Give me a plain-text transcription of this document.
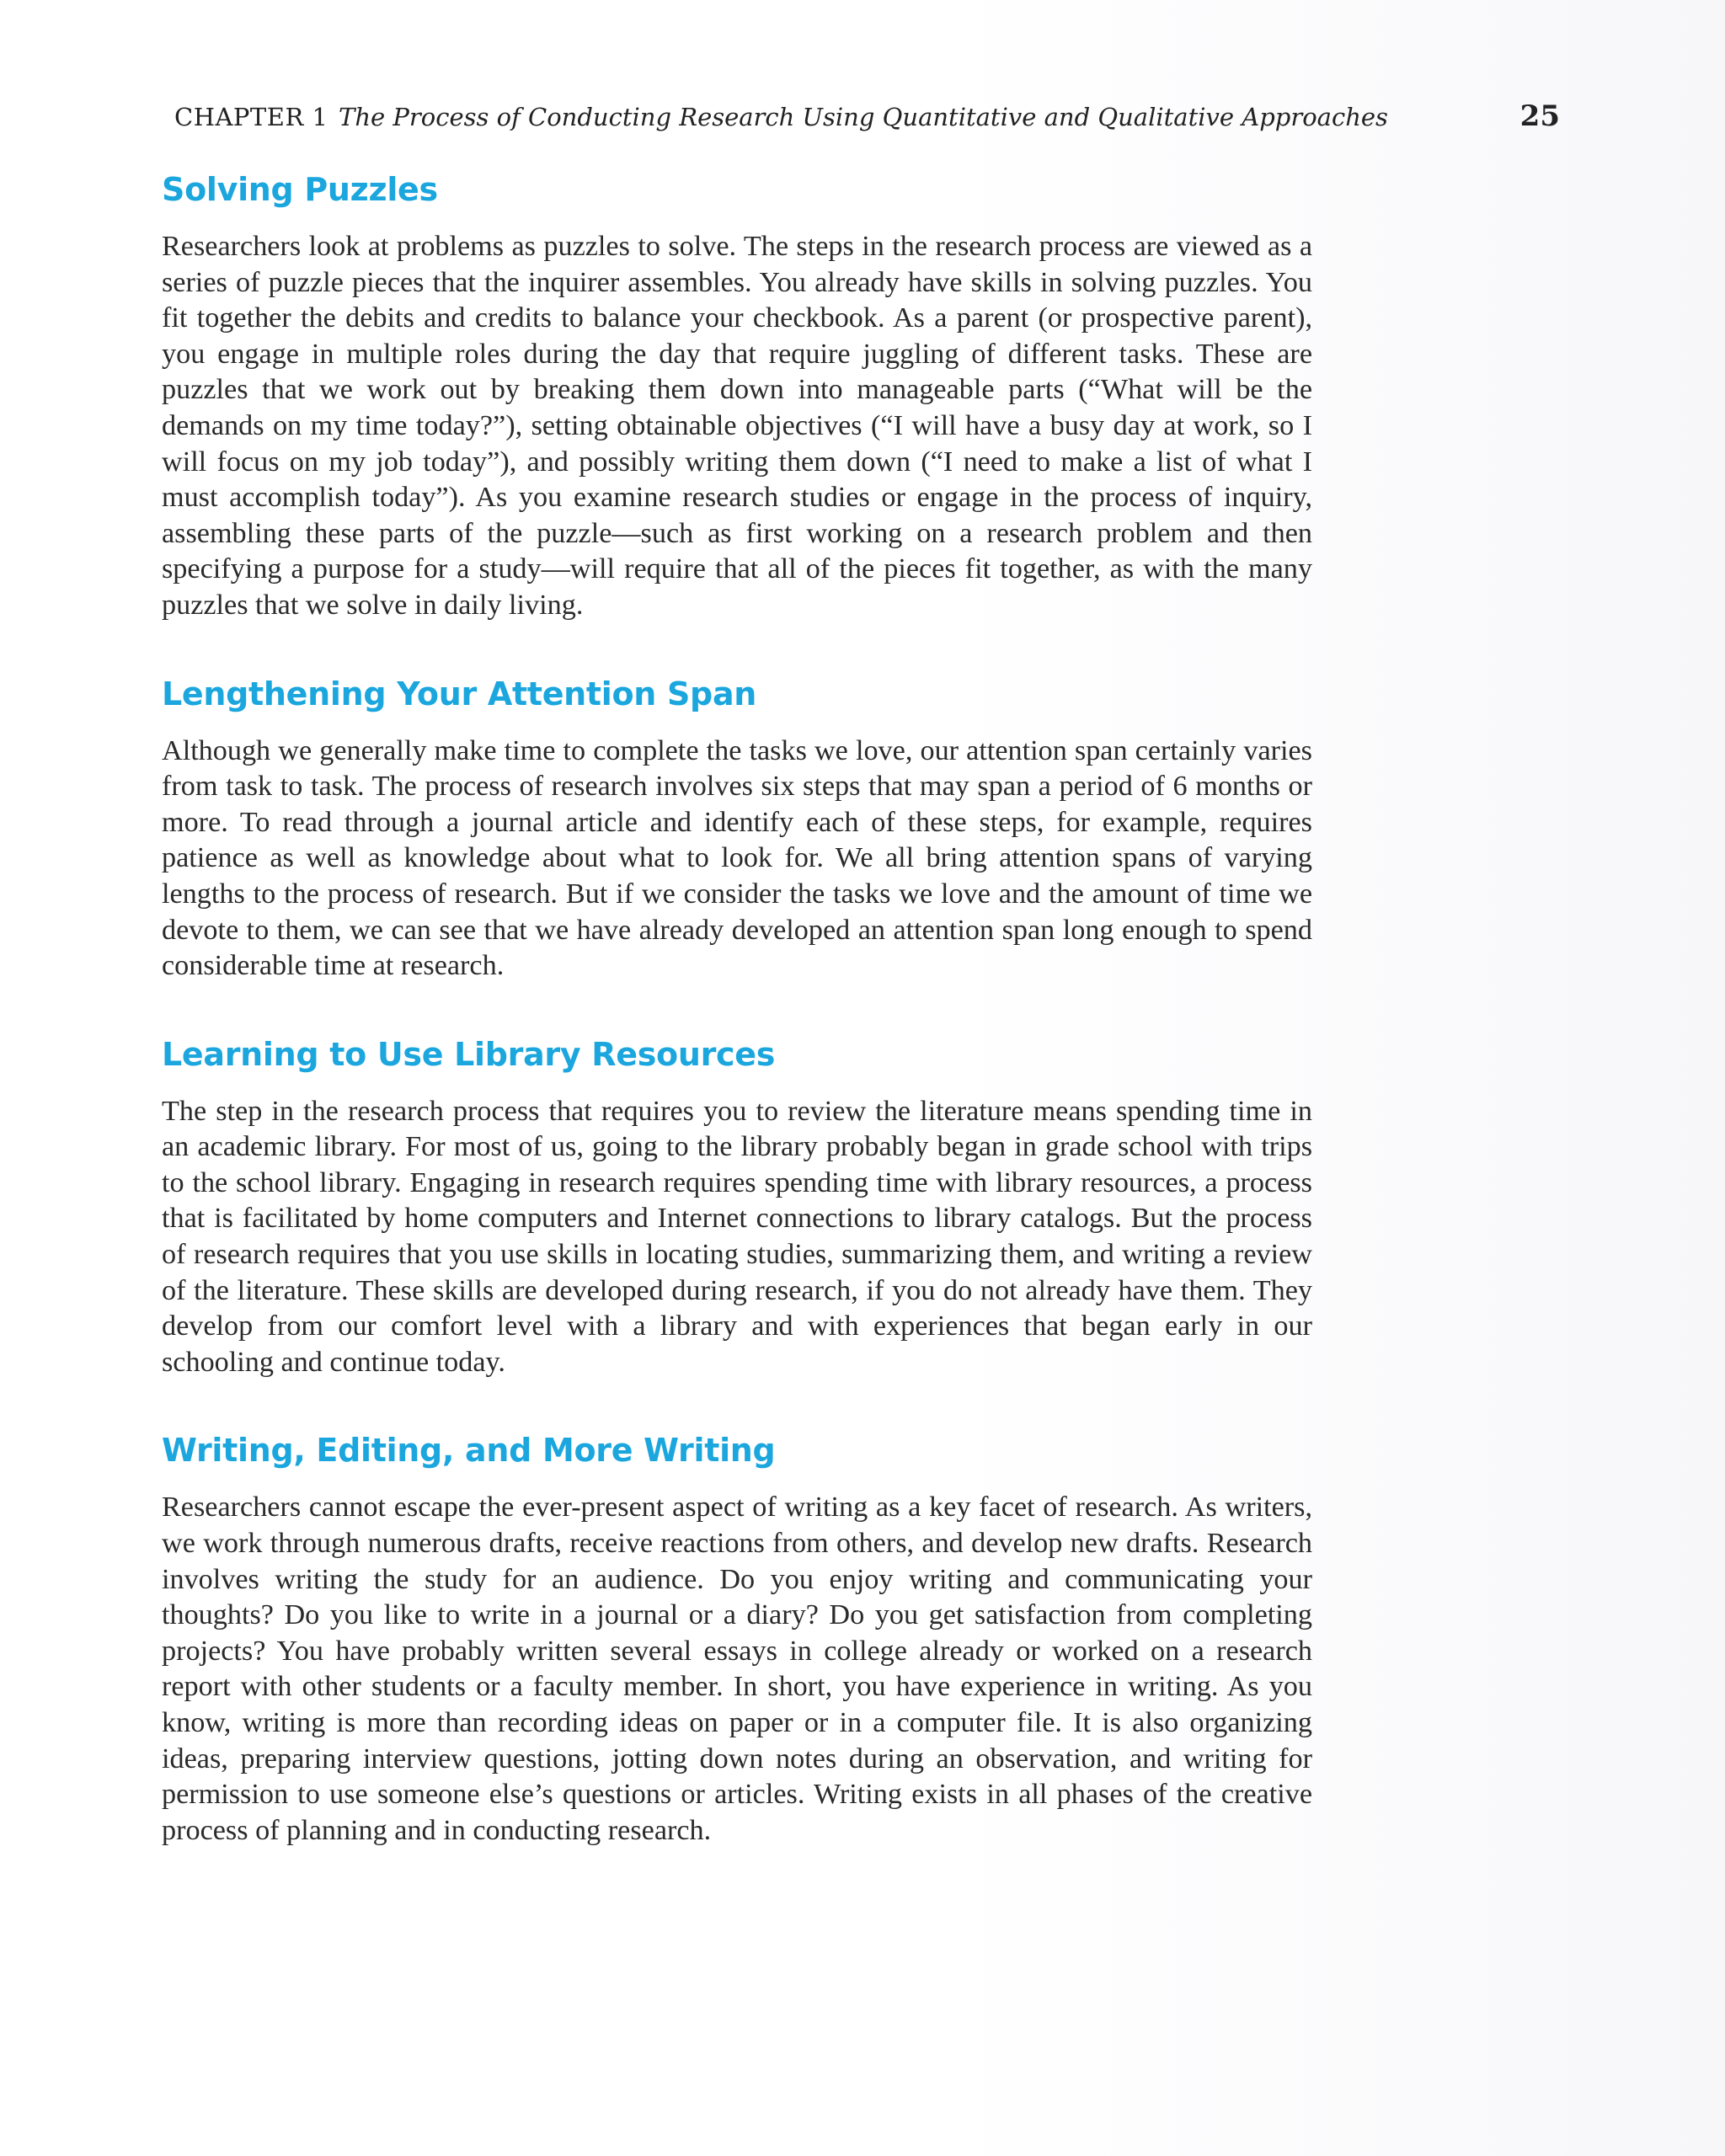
CHAPTER 1 The Process of Conducting Research Using Quantitative and Qualitative Approaches	25
Solving Puzzles

Researchers look at problems as puzzles to solve. The steps in the research process are viewed as a series of puzzle pieces that the inquirer assembles. You already have skills in solving puzzles. You fit together the debits and credits to balance your checkbook. As a parent (or prospective parent), you engage in multiple roles during the day that require juggling of different tasks. These are puzzles that we work out by breaking them down into manageable parts (“What will be the demands on my time today?”), setting obtainable objectives (“I will have a busy day at work, so I will focus on my job today”), and possibly writing them down (“I need to make a list of what I must accomplish today”). As you examine research studies or engage in the process of inquiry, assembling these parts of the puzzle—such as first working on a research problem and then specifying a purpose for a study—will require that all of the pieces fit together, as with the many puzzles that we solve in daily living.

Lengthening Your Attention Span

Although we generally make time to complete the tasks we love, our attention span certainly varies from task to task. The process of research involves six steps that may span a period of 6 months or more. To read through a journal article and identify each of these steps, for example, requires patience as well as knowledge about what to look for. We all bring attention spans of varying lengths to the process of research. But if we consider the tasks we love and the amount of time we devote to them, we can see that we have already developed an attention span long enough to spend considerable time at research.

Learning to Use Library Resources

The step in the research process that requires you to review the literature means spending time in an academic library. For most of us, going to the library probably began in grade school with trips to the school library. Engaging in research requires spending time with library resources, a process that is facilitated by home computers and Internet connections to library catalogs. But the process of research requires that you use skills in locating studies, summarizing them, and writing a review of the literature. These skills are developed during research, if you do not already have them. They develop from our comfort level with a library and with experiences that began early in our schooling and continue today.

Writing, Editing, and More Writing

Researchers cannot escape the ever-present aspect of writing as a key facet of research. As writers, we work through numerous drafts, receive reactions from others, and develop new drafts. Research involves writing the study for an audience. Do you enjoy writing and communicating your thoughts? Do you like to write in a journal or a diary? Do you get satisfaction from completing projects? You have probably written several essays in college already or worked on a research report with other students or a faculty member. In short, you have experience in writing. As you know, writing is more than recording ideas on paper or in a computer file. It is also organizing ideas, preparing interview questions, jotting down notes during an observation, and writing for permission to use someone else’s questions or articles. Writing exists in all phases of the creative process of planning and in conducting research.
